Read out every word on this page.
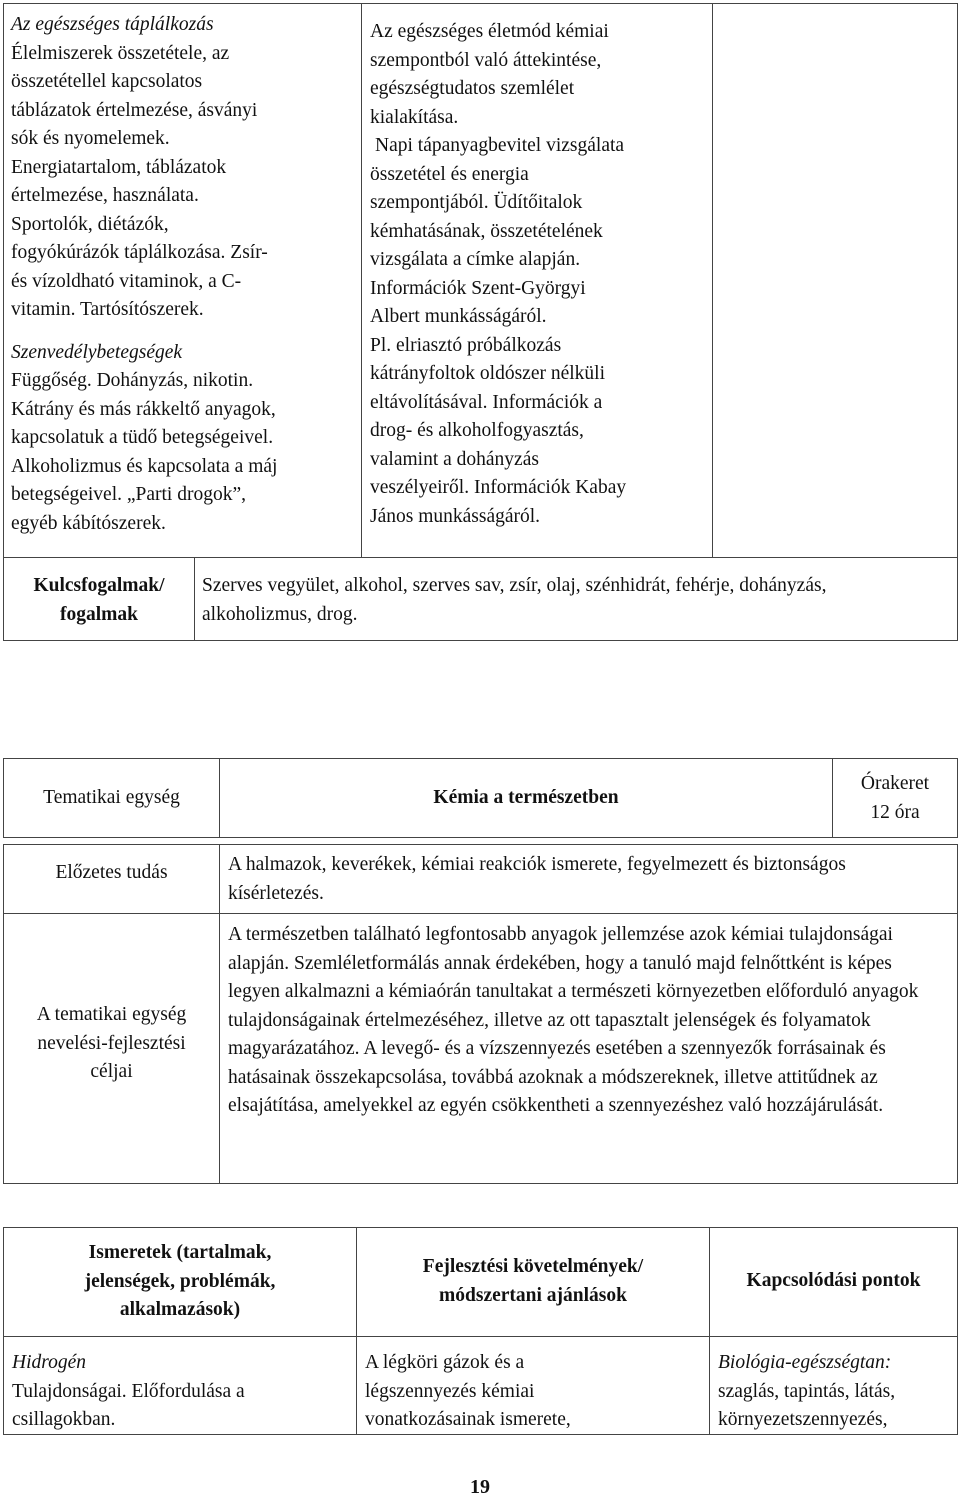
Az egészséges táplálkozás

Élelmiszerek összetétele, az

összetétellel kapcsolatos

táblázatok értelmezése, ásványi

sók és nyomelemek.

Energiatartalom, táblázatok

értelmezése, használata.

Sportolók, diétázók,

fogyókúrázók táplálkozása. Zsír-

és vízoldható vitaminok, a C-

vitamin. Tartósítószerek.

Szenvedélybetegségek

Függőség. Dohányzás, nikotin.

Kátrány és más rákkeltő anyagok,

kapcsolatuk a tüdő betegségeivel.

Alkoholizmus és kapcsolata a máj

betegségeivel. „Parti drogok”,

egyéb kábítószerek.

Az egészséges életmód kémiai

szempontból való áttekintése,

egészségtudatos szemlélet

kialakítása.

Napi tápanyagbevitel vizsgálata

összetétel és energia

szempontjából. Üdítőitalok

kémhatásának, összetételének

vizsgálata a címke alapján.

Információk Szent-Györgyi

Albert munkásságáról.

Pl. elriasztó próbálkozás

kátrányfoltok oldószer nélküli

eltávolításával. Információk a

drog- és alkoholfogyasztás,

valamint a dohányzás

veszélyeiről. Információk Kabay

János munkásságáról.

Kulcsfogalmak/

fogalmak

Szerves vegyület, alkohol, szerves sav, zsír, olaj, szénhidrát, fehérje, dohányzás, alkoholizmus, drog.

Tematikai egység	Kémia a természetben

Órakeret

12 óra

Előzetes tudás	A halmazok, keverékek, kémiai reakciók ismerete, fegyelmezett és biztonságos kísérletezés.

A tematikai egység

nevelési-fejlesztési

céljai

A természetben található legfontosabb anyagok jellemzése azok kémiai tulajdonságai alapján. Szemléletformálás annak érdekében, hogy a tanuló majd felnőttként is képes legyen alkalmazni a kémiaórán tanultakat a természeti környezetben előforduló anyagok tulajdonságainak értelmezéséhez, illetve az ott tapasztalt jelenségek és folyamatok magyarázatához. A levegő- és a vízszennyezés esetében a szennyezők forrásainak és hatásainak összekapcsolása, továbbá azoknak a módszereknek, illetve attitűdnek az elsajátítása, amelyekkel az egyén csökkentheti a szennyezéshez való hozzájárulását.

Ismeretek (tartalmak,

jelenségek, problémák,

alkalmazások)

Fejlesztési követelmények/

módszertani ajánlások

Kapcsolódási pontok

Hidrogén

Tulajdonságai. Előfordulása a

csillagokban.

A légköri gázok és a

légszennyezés kémiai

vonatkozásainak ismerete,

Biológia-egészségtan:

szaglás, tapintás, látás,

környezetszennyezés,

19
